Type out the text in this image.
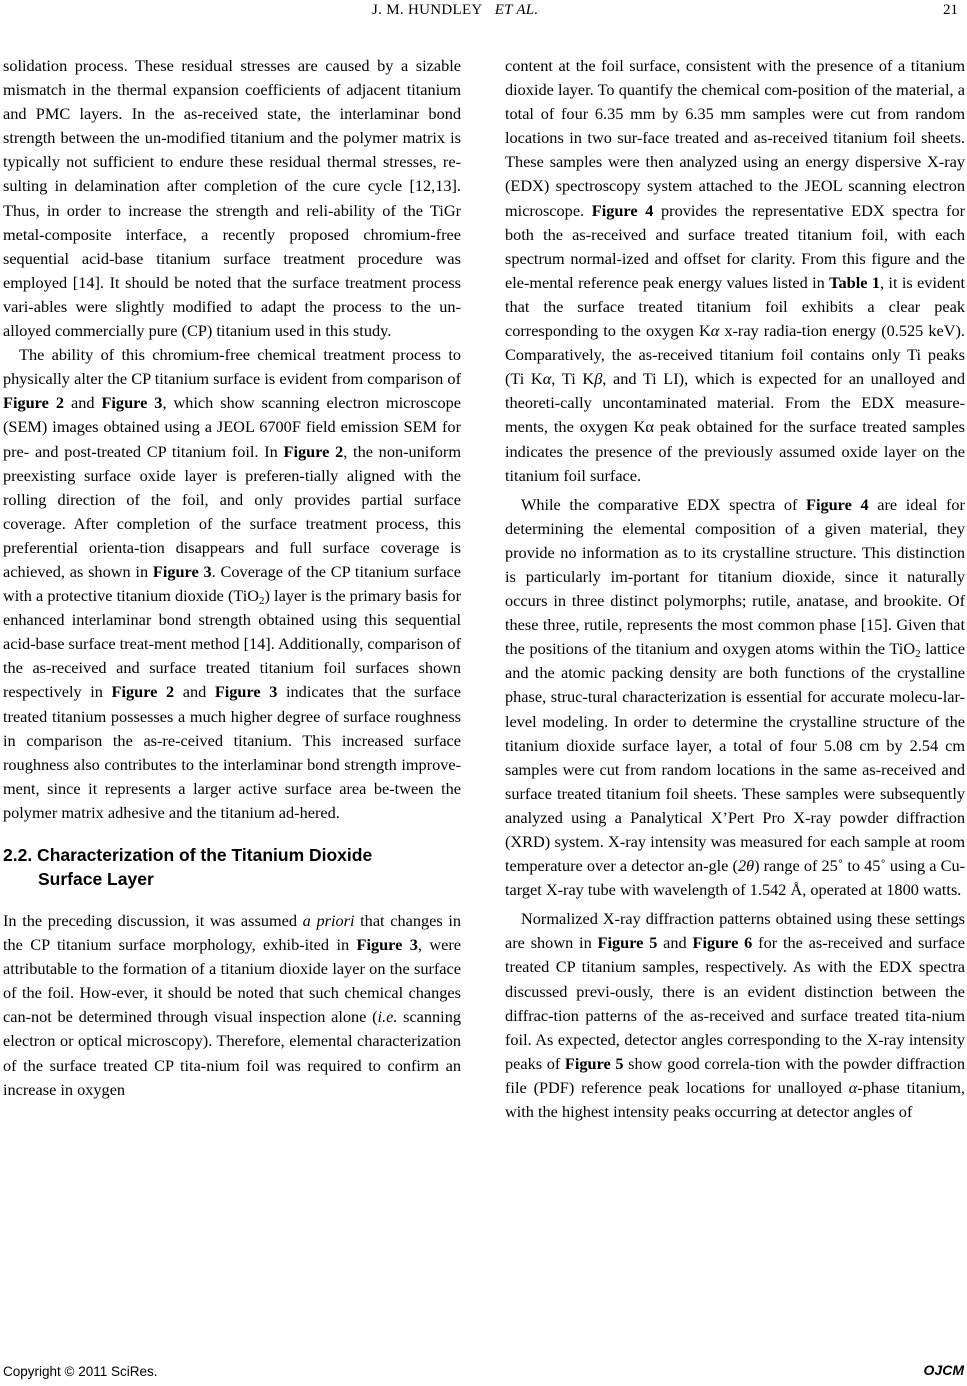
J. M. HUNDLEY ET AL.	21

solidation process. These residual stresses are caused by a sizable mismatch in the thermal expansion coefficients of adjacent titanium and PMC layers. In the as-received state, the interlaminar bond strength between the un-modified titanium and the polymer matrix is typically not sufficient to endure these residual thermal stresses, re-sulting in delamination after completion of the cure cycle [12,13]. Thus, in order to increase the strength and reli-ability of the TiGr metal-composite interface, a recently proposed chromium-free sequential acid-base titanium surface treatment procedure was employed [14]. It should be noted that the surface treatment process vari-ables were slightly modified to adapt the process to the un-alloyed commercially pure (CP) titanium used in this study.

The ability of this chromium-free chemical treatment process to physically alter the CP titanium surface is evident from comparison of Figure 2 and Figure 3, which show scanning electron microscope (SEM) images obtained using a JEOL 6700F field emission SEM for pre- and post-treated CP titanium foil. In Figure 2, the non-uniform preexisting surface oxide layer is preferen-tially aligned with the rolling direction of the foil, and only provides partial surface coverage. After completion of the surface treatment process, this preferential orienta-tion disappears and full surface coverage is achieved, as shown in Figure 3. Coverage of the CP titanium surface with a protective titanium dioxide (TiO$_2$) layer is the primary basis for enhanced interlaminar bond strength obtained using this sequential acid-base surface treat-ment method [14]. Additionally, comparison of the as-received and surface treated titanium foil surfaces shown respectively in Figure 2 and Figure 3 indicates that the surface treated titanium possesses a much higher degree of surface roughness in comparison the as-re-ceived titanium. This increased surface roughness also contributes to the interlaminar bond strength improve-ment, since it represents a larger active surface area be-tween the polymer matrix adhesive and the titanium ad-hered.

2.2. Characterization of the Titanium Dioxide
Surface Layer

In the preceding discussion, it was assumed a priori that changes in the CP titanium surface morphology, exhib-ited in Figure 3, were attributable to the formation of a titanium dioxide layer on the surface of the foil. How-ever, it should be noted that such chemical changes can-not be determined through visual inspection alone (i.e. scanning electron or optical microscopy). Therefore, elemental characterization of the surface treated CP tita-nium foil was required to confirm an increase in oxygen

content at the foil surface, consistent with the presence of a titanium dioxide layer. To quantify the chemical com-position of the material, a total of four 6.35 mm by 6.35 mm samples were cut from random locations in two sur-face treated and as-received titanium foil sheets. These samples were then analyzed using an energy dispersive X-ray (EDX) spectroscopy system attached to the JEOL scanning electron microscope. Figure 4 provides the representative EDX spectra for both the as-received and surface treated titanium foil, with each spectrum normal-ized and offset for clarity. From this figure and the ele-mental reference peak energy values listed in Table 1, it is evident that the surface treated titanium foil exhibits a clear peak corresponding to the oxygen Kα x-ray radia-tion energy (0.525 keV). Comparatively, the as-received titanium foil contains only Ti peaks (Ti Kα, Ti Kβ, and Ti LI), which is expected for an unalloyed and theoreti-cally uncontaminated material. From the EDX measure-ments, the oxygen Kα peak obtained for the surface treated samples indicates the presence of the previously assumed oxide layer on the titanium foil surface.

While the comparative EDX spectra of Figure 4 are ideal for determining the elemental composition of a given material, they provide no information as to its crystalline structure. This distinction is particularly im-portant for titanium dioxide, since it naturally occurs in three distinct polymorphs; rutile, anatase, and brookite. Of these three, rutile, represents the most common phase [15]. Given that the positions of the titanium and oxygen atoms within the TiO$_2$ lattice and the atomic packing density are both functions of the crystalline phase, struc-tural characterization is essential for accurate molecu-lar-level modeling. In order to determine the crystalline structure of the titanium dioxide surface layer, a total of four 5.08 cm by 2.54 cm samples were cut from random locations in the same as-received and surface treated titanium foil sheets. These samples were subsequently analyzed using a Panalytical X’Pert Pro X-ray powder diffraction (XRD) system. X-ray intensity was measured for each sample at room temperature over a detector an-gle (2θ) range of 25˚ to 45˚ using a Cu-target X-ray tube with wavelength of 1.542 Å, operated at 1800 watts.

Normalized X-ray diffraction patterns obtained using these settings are shown in Figure 5 and Figure 6 for the as-received and surface treated CP titanium samples, respectively. As with the EDX spectra discussed previ-ously, there is an evident distinction between the diffrac-tion patterns of the as-received and surface treated tita-nium foil. As expected, detector angles corresponding to the X-ray intensity peaks of Figure 5 show good correla-tion with the powder diffraction file (PDF) reference peak locations for unalloyed α-phase titanium, with the highest intensity peaks occurring at detector angles of

Copyright © 2011 SciRes.	OJCM
